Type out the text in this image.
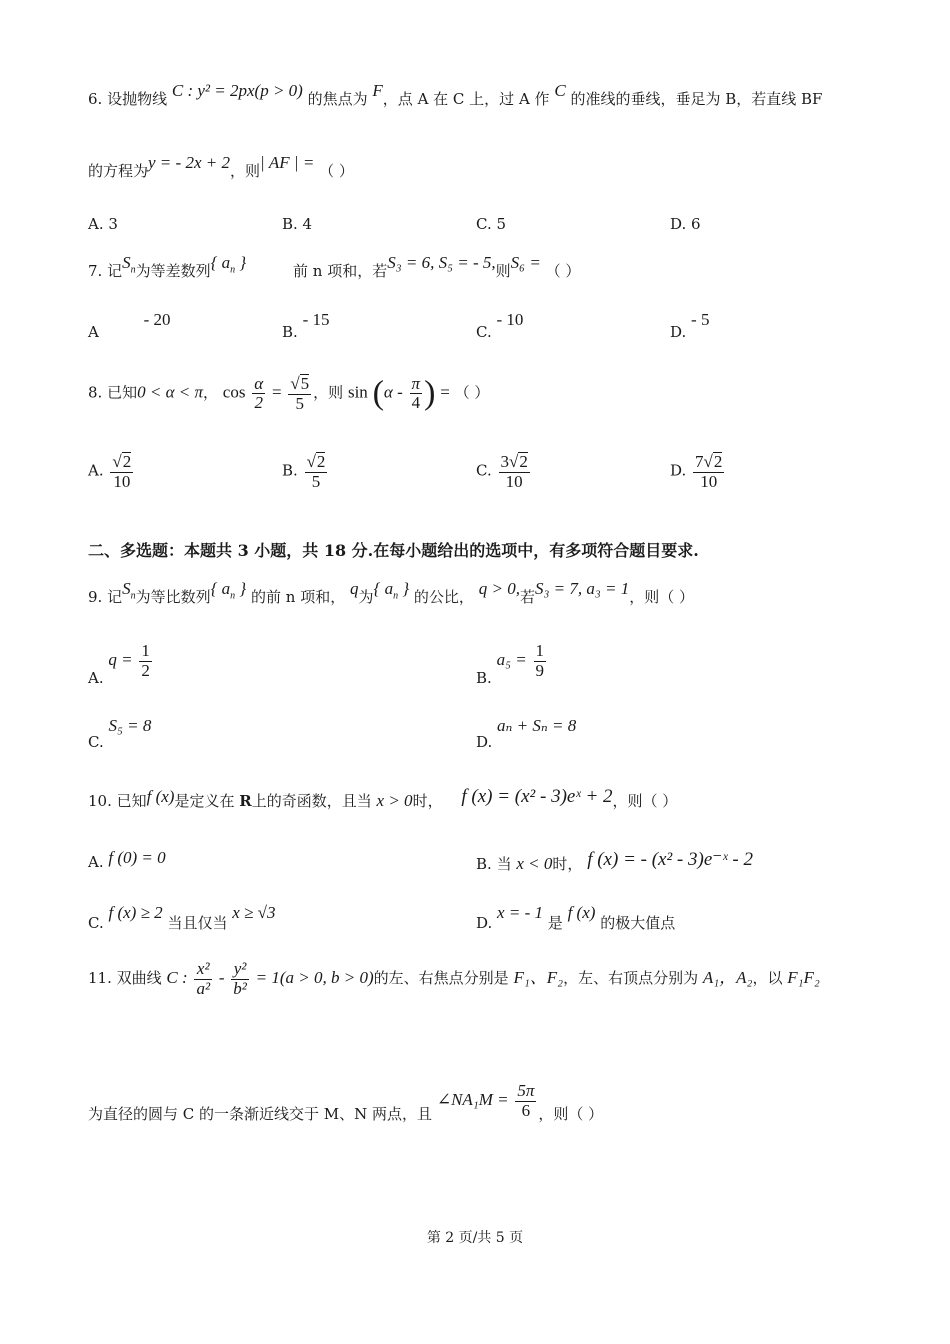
6. 设抛物线 C : y² = 2px(p > 0) 的焦点为 F，点 A 在 C 上，过 A 作 C 的准线的垂线，垂足为 B，若直线 BF
的方程为y = - 2x + 2，则| AF | = （ ）
A. 3	B. 4	C. 5	D. 6
7. 记$S_n$为等差数列{ $a_n$ }	前 n 项和，若S₃ = 6, S₅ = - 5,则S₆ = （ ）
A - 20
B. - 15
C. - 10
D. - 5
8. 已知0 < α < π， $\cos \frac{\alpha}{2} = \frac{√5}{5}$ ，则 $\sin (\alpha - \frac{\pi}{4}$ ) = （ ）
A. $\frac{√2}{10}$	B. $\frac{√2}{5}$	C. $\frac{3√2}{10}$	D. $\frac{7√2}{10}$
二、多选题：本题共 3 小题，共 18 分.在每小题给出的选项中，有多项符合题目要求.
9. 记$S_n$为等比数列{ $a_n$ } 的前 n 项和， q为{ $a_n$ } 的公比， q > 0,若S₃ = 7, a₃ = 1，则（ ）
A. $q = \frac{1}{2}$	B. $a_5 = \frac{1}{9}$
C. S₅ = 8
D. aₙ + Sₙ = 8
10. 已知f (x)是定义在 R上的奇函数，且当 x > 0时， f (x) = (x² - 3)eˣ + 2，则（ ）
A. f (0) = 0	B. 当 x < 0时， f (x) = - (x² - 3)e⁻ˣ - 2
C. f (x) ≥ 2 当且仅当 x ≥ √3
D. x = - 1 是 f (x) 的极大值点
11. 双曲线 C : $\frac{\text{x²}}{\text{a²}} - \frac{\text{y²}}{\text{b²}} = 1(a > 0$, b > 0)的左、右焦点分别是 F₁、F₂，左、右顶点分别为 A₁，A₂，以 F₁F₂
为直径的圆与 C 的一条渐近线交于 M、N 两点，且 ∠NA₁M = $\frac{5\pi}{6}$ ，则（ ）
第 2 页/共 5 页
